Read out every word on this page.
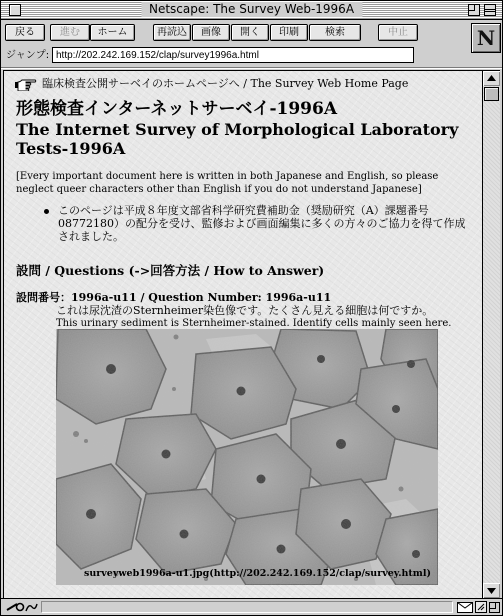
Netscape: The Survey Web-1996A
戻る	進む	ホーム	再読込	画像	開く	印刷	検索	中止	N
ジャンプ:
http://202.242.169.152/clap/survey1996a.html
臨床検査公開サーベイのホームページへ / The Survey Web Home Page
形態検査インターネットサーベイ-1996A
The Internet Survey of Morphological Laboratory Tests-1996A
[Every important document here is written in both Japanese and English, so please neglect queer characters other than English if you do not understand Japanese]
このページは平成８年度文部省科学研究費補助金（奨励研究（A）課題番号08772180）の配分を受け、監修および画面編集に多くの方々のご協力を得て作成されました。
設問 / Questions (->回答方法 / How to Answer)
設問番号：1996a-u11 / Question Number: 1996a-u11
これは尿沈渣のSternheimer染色像です。たくさん見える細胞は何ですか。
This urinary sediment is Sternheimer-stained. Identify cells mainly seen here.
surveyweb1996a-u1.jpg(http://202.242.169.152/clap/survey.html)
